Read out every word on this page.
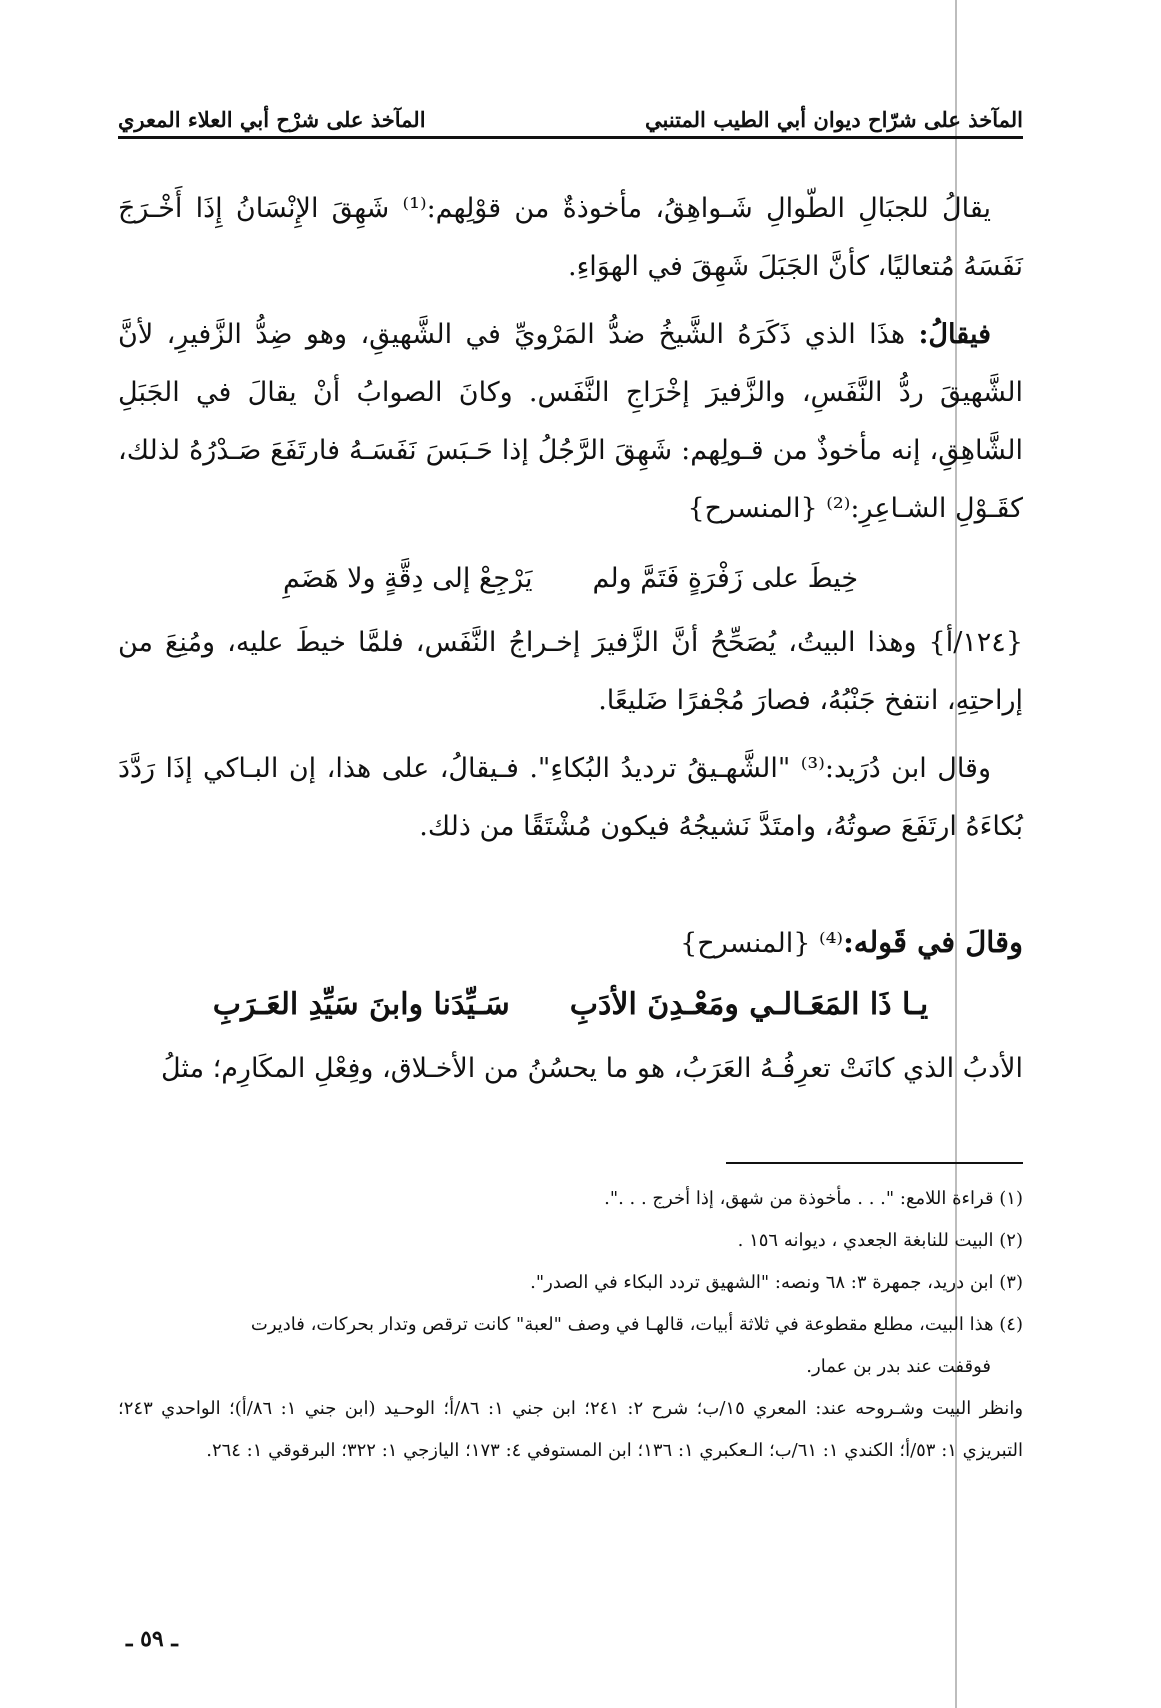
المآخذ على شرّاح ديوان أبي الطيب المتنبي
المآخذ على شرْح أبي العلاء المعري

يقالُ للجبَالِ الطّوالِ شَـواهِقُ، مأخوذةٌ من قوْلِهم:⁽¹⁾ شَهِقَ الإِنْسَانُ إِذَا أَخْـرَجَ نَفَسَهُ مُتعاليًا، كأنَّ الجَبَلَ شَهِقَ في الهوَاءِ.

فيقالُ: هذَا الذي ذَكَرَهُ الشَّيخُ ضدُّ المَرْويِّ في الشَّهيقِ، وهو ضِدُّ الزَّفيرِ، لأنَّ الشَّهيقَ ردُّ النَّفَسِ، والزَّفيرَ إخْرَاجِ النَّفَس. وكانَ الصوابُ أنْ يقالَ في الجَبَلِ الشَّاهِقِ، إنه مأخوذٌ من قـولِهم: شَهِقَ الرَّجُلُ إذا حَـبَسَ نَفَسَـهُ فارتَفَعَ صَـدْرُهُ لذلك، كقَـوْلِ الشـاعِرِ:⁽²⁾ {المنسرح}

خِيطَ على زَفْرَةٍ فَتَمَّ ولم
يَرْجِعْ إلى دِقَّةٍ ولا هَضَمِ

{١٢٤/أ} وهذا البيتُ، يُصَحِّحُ أنَّ الزَّفيرَ إخـراجُ النَّفَس، فلمَّا خيطَ عليه، ومُنِعَ من إراحتِهِ، انتفخ جَنْبُهُ، فصارَ مُجْفرًا ضَليعًا.

وقال ابن دُرَيد:⁽³⁾ "الشَّهـيقُ ترديدُ البُكاءِ". فـيقالُ، على هذا، إن البـاكي إذَا رَدَّدَ بُكاءَهُ ارتَفَعَ صوتُهُ، وامتَدَّ نَشيجُهُ فيكون مُشْتَقًا من ذلك.

وقالَ في قَوله:⁽⁴⁾ {المنسرح}
يـا ذَا المَعَـالـي ومَعْـدِنَ الأدَبِ
سَـيِّدَنا وابنَ سَيِّدِ العَـرَبِ

الأدبُ الذي كانَتْ تعرِفُـهُ العَرَبُ، هو ما يحسُنُ من الأخـلاق، وفِعْلِ المكَارِم؛ مثلُ

(١) قراءة اللامع: ". . . مأخوذة من شهق، إذا أخرج . . .".

(٢) البيت للنابغة الجعدي ، ديوانه ١٥٦ .

(٣) ابن دريد، جمهرة ٣: ٦٨ ونصه: "الشهيق تردد البكاء في الصدر".

(٤) هذا البيت، مطلع مقطوعة في ثلاثة أبيات، قالهـا في وصف "لعبة" كانت ترقص وتدار بحركات، فاديرت

فوقفت عند بدر بن عمار.

وانظر البيت وشـروحه عند: المعري ١٥/ب؛ شرح ٢: ٢٤١؛ ابن جني ١: ٨٦/أ؛ الوحـيد (ابن جني ١: ٨٦/أ)؛ الواحدي ٢٤٣؛ التبريزي ١: ٥٣/أ؛ الكندي ١: ٦١/ب؛ الـعكبري ١: ١٣٦؛ ابن المستوفي ٤: ١٧٣؛ اليازجي ١: ٣٢٢؛ البرقوقي ١: ٢٦٤.

ـ ٥٩ ـ
